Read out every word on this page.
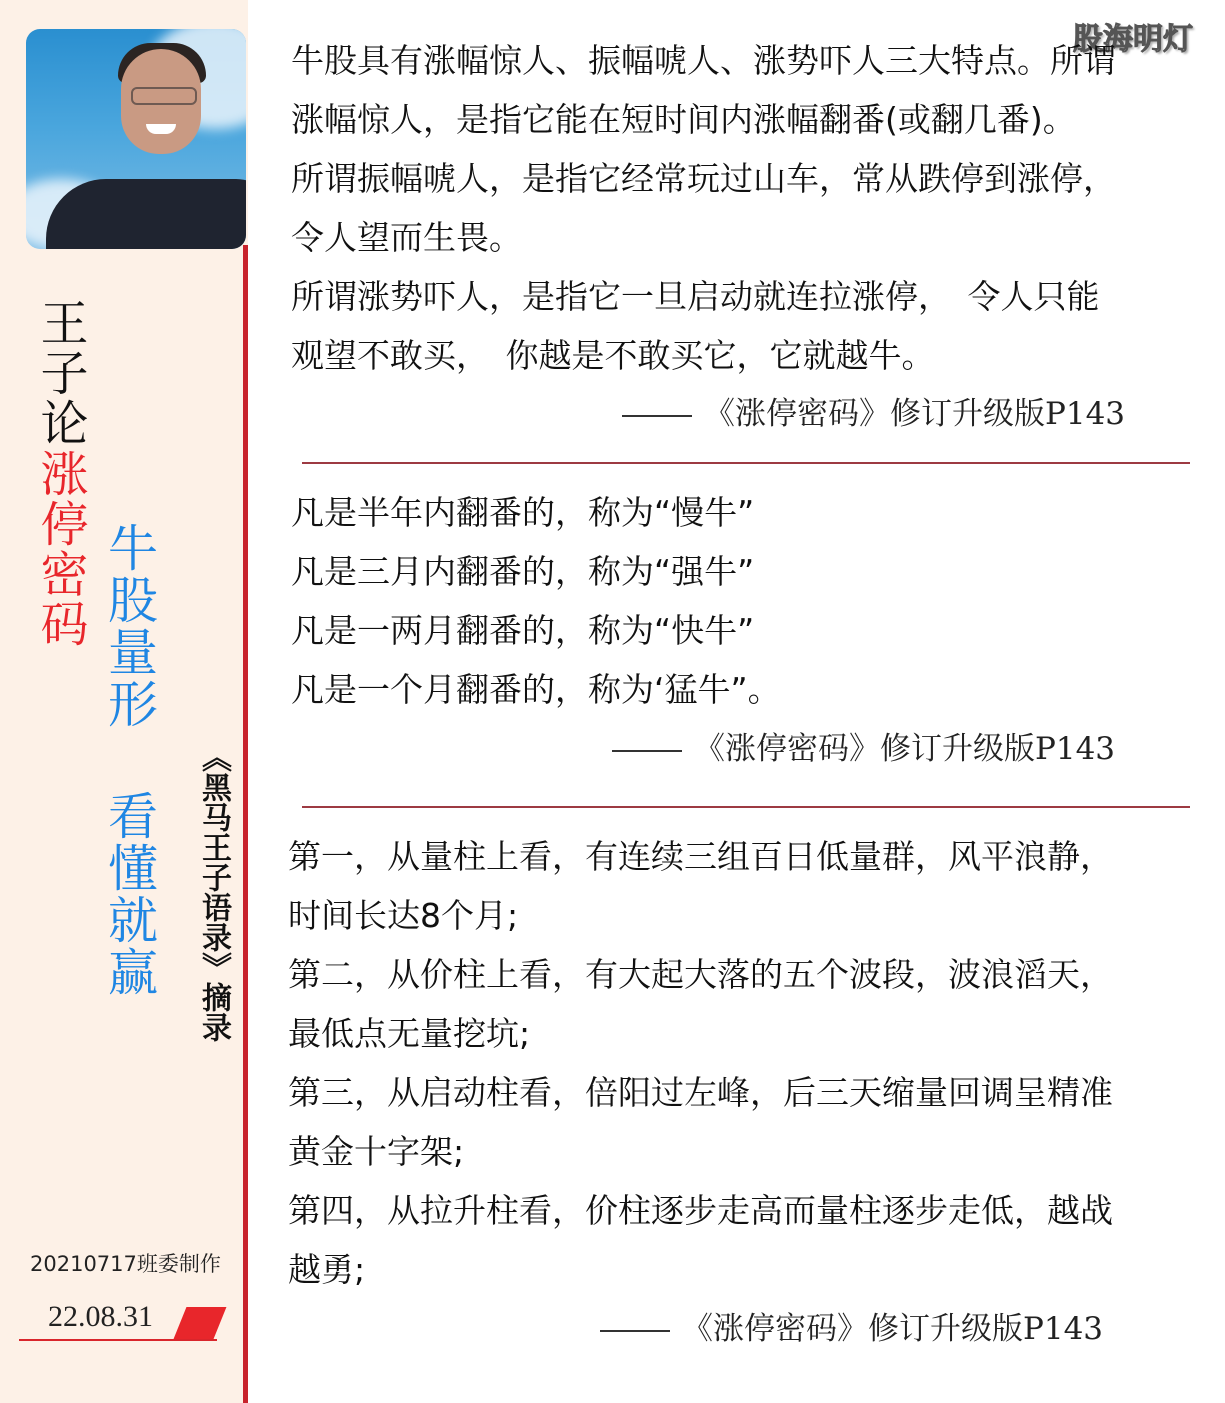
王子论
涨停密码 牛股量形
看懂就赢 《黑马王子语录》摘录
20210717班委制作
22.08.31
股海明灯
牛股具有涨幅惊人、振幅唬人、涨势吓人三大特点。所谓
涨幅惊人，是指它能在短时间内涨幅翻番(或翻几番)。
所谓振幅唬人，是指它经常玩过山车，常从跌停到涨停，
令人望而生畏。
所谓涨势吓人，是指它一旦启动就连拉涨停，　令人只能
观望不敢买，　你越是不敢买它，它就越牛。
《涨停密码》修订升级版P143
凡是半年内翻番的，称为“慢牛”
凡是三月内翻番的，称为“强牛”
凡是一两月翻番的，称为“快牛”
凡是一个月翻番的，称为‘猛牛”。
《涨停密码》修订升级版P143
第一，从量柱上看，有连续三组百日低量群，风平浪静，
时间长达8个月;
第二，从价柱上看，有大起大落的五个波段，波浪滔天，
最低点无量挖坑;
第三，从启动柱看，倍阳过左峰，后三天缩量回调呈精准
黄金十字架;
第四，从拉升柱看，价柱逐步走高而量柱逐步走低，越战
越勇;
《涨停密码》修订升级版P143
